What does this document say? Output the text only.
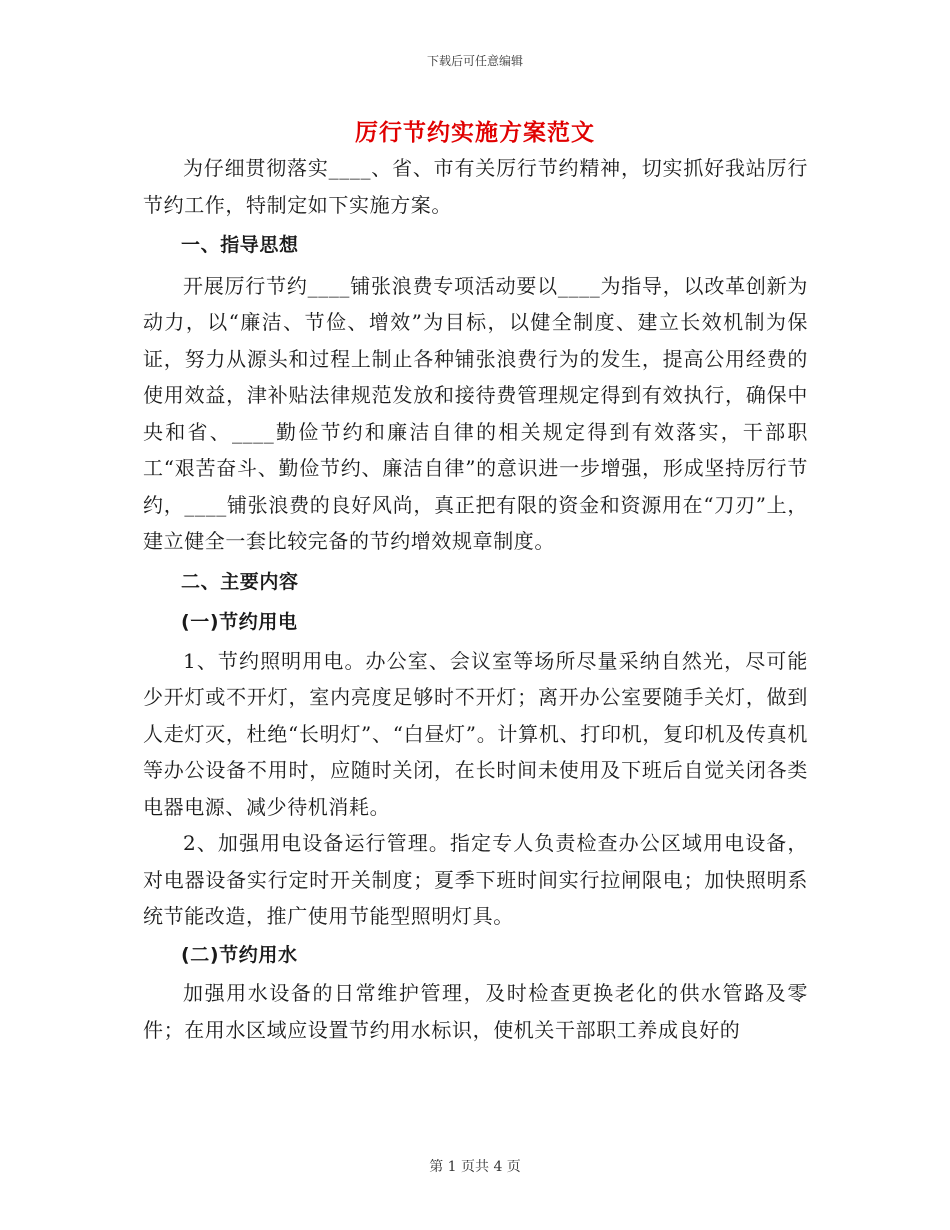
下载后可任意编辑
厉行节约实施方案范文

为仔细贯彻落实____、省、市有关厉行节约精神，切实抓好我站厉行节约工作，特制定如下实施方案。

一、指导思想

开展厉行节约____铺张浪费专项活动要以____为指导，以改革创新为动力，以“廉洁、节俭、增效”为目标，以健全制度、建立长效机制为保证，努力从源头和过程上制止各种铺张浪费行为的发生，提高公用经费的使用效益，津补贴法律规范发放和接待费管理规定得到有效执行，确保中央和省、____勤俭节约和廉洁自律的相关规定得到有效落实，干部职工“艰苦奋斗、勤俭节约、廉洁自律”的意识进一步增强，形成坚持厉行节约，____铺张浪费的良好风尚，真正把有限的资金和资源用在“刀刃”上，建立健全一套比较完备的节约增效规章制度。

二、主要内容

(一)节约用电

1、节约照明用电。办公室、会议室等场所尽量采纳自然光，尽可能少开灯或不开灯，室内亮度足够时不开灯；离开办公室要随手关灯，做到人走灯灭，杜绝“长明灯”、“白昼灯”。计算机、打印机，复印机及传真机等办公设备不用时，应随时关闭，在长时间未使用及下班后自觉关闭各类电器电源、减少待机消耗。

2、加强用电设备运行管理。指定专人负责检查办公区域用电设备，对电器设备实行定时开关制度；夏季下班时间实行拉闸限电；加快照明系统节能改造，推广使用节能型照明灯具。

(二)节约用水

加强用水设备的日常维护管理，及时检查更换老化的供水管路及零件；在用水区域应设置节约用水标识，使机关干部职工养成良好的

第 1 页共 4 页
